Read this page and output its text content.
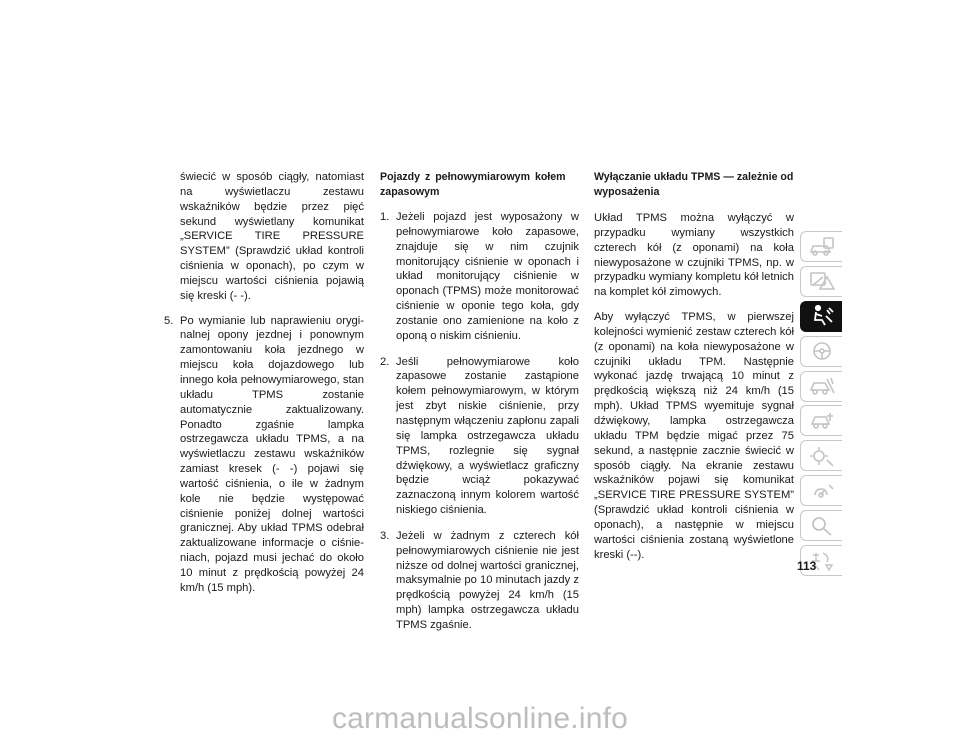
świecić w sposób ciągły, natomiast na wyświetlaczu zestawu wskaźników będzie przez pięć sekund wyświetlany komunikat „SERVICE TIRE PRESSURE SYSTEM” (Sprawdzić układ kontroli ciśnienia w oponach), po czym w miejscu wartości ciśnienia pojawią się kreski (- -).

5. Po wymianie lub naprawieniu oryginalnej opony jezdnej i ponownym zamontowaniu koła jezdnego w miejscu koła dojazdowego lub innego koła pełnowymiarowego, stan układu TPMS zostanie automatycznie zaktualizowany. Ponadto zgaśnie lampka ostrzegawcza układu TPMS, a na wyświetlaczu zestawu wskaźników zamiast kresek (- -) pojawi się wartość ciśnienia, o ile w żadnym kole nie będzie występować ciśnienie poniżej dolnej wartości granicznej. Aby układ TPMS odebrał zaktualizowane informacje o ciśnieniach, pojazd musi jechać do około 10 minut z prędkością powyżej 24 km/h (15 mph).

Pojazdy z pełnowymiarowym kołem zapasowym

1. Jeżeli pojazd jest wyposażony w pełnowymiarowe koło zapasowe, znajduje się w nim czujnik monitorujący ciśnienie w oponach i układ monitorujący ciśnienie w oponach (TPMS) może monitorować ciśnienie w oponie tego koła, gdy zostanie ono zamienione na koło z oponą o niskim ciśnieniu.

2. Jeśli pełnowymiarowe koło zapasowe zostanie zastąpione kołem pełnowymiarowym, w którym jest zbyt niskie ciśnienie, przy następnym włączeniu zapłonu zapali się lampka ostrzegawcza układu TPMS, rozlegnie się sygnał dźwiękowy, a wyświetlacz graficzny będzie wciąż pokazywać zaznaczoną innym kolorem wartość niskiego ciśnienia.

3. Jeżeli w żadnym z czterech kół pełnowymiarowych ciśnienie nie jest niższe od dolnej wartości granicznej, maksymalnie po 10 minutach jazdy z prędkością powyżej 24 km/h (15 mph) lampka ostrzegawcza układu TPMS zgaśnie.

Wyłączanie układu TPMS — zależnie od wyposażenia

Układ TPMS można wyłączyć w przypadku wymiany wszystkich czterech kół (z oponami) na koła niewyposażone w czujniki TPMS, np. w przypadku wymiany kompletu kół letnich na komplet kół zimowych.

Aby wyłączyć TPMS, w pierwszej kolejności wymienić zestaw czterech kół (z oponami) na koła niewyposażone w czujniki układu TPM. Następnie wykonać jazdę trwającą 10 minut z prędkością większą niż 24 km/h (15 mph). Układ TPMS wyemituje sygnał dźwiękowy, lampka ostrzegawcza układu TPM będzie migać przez 75 sekund, a następnie zacznie świecić w sposób ciągły. Na ekranie zestawu wskaźników pojawi się komunikat „SERVICE TIRE PRESSURE SYSTEM” (Sprawdzić układ kontroli ciśnienia w oponach), a następnie w miejscu wartości ciśnienia zostaną wyświetlone kreski (--).

113
carmanualsonline.info
